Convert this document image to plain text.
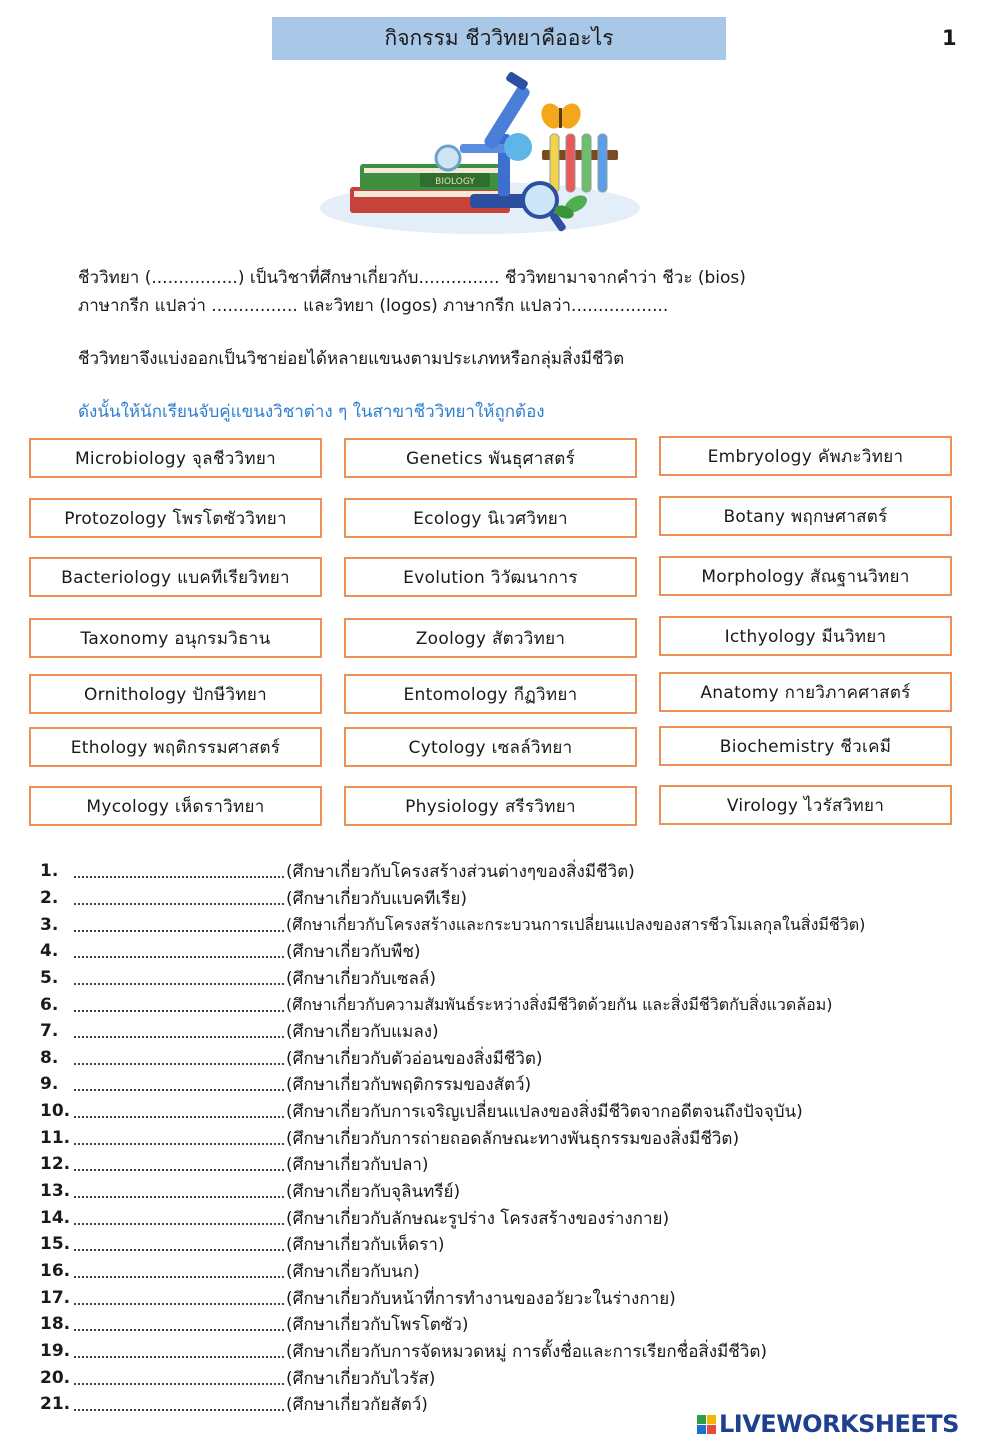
กิจกรรม ชีววิทยาคืออะไร	1
BIOLOGY
ชีววิทยา (................) เป็นวิชาที่ศึกษาเกี่ยวกับ............... ชีววิทยามาจากคำว่า ชีวะ (bios)
ภาษากรีก แปลว่า ................ และวิทยา (logos) ภาษากรีก แปลว่า..................
ชีววิทยาจึงแบ่งออกเป็นวิชาย่อยได้หลายแขนงตามประเภทหรือกลุ่มสิ่งมีชีวิต
ดังนั้นให้นักเรียนจับคู่แขนงวิชาต่าง ๆ ในสาขาชีววิทยาให้ถูกต้อง
Microbiology จุลชีววิทยา	Genetics พันธุศาสตร์	Embryology คัพภะวิทยา
Protozology โพรโตซัววิทยา	Ecology นิเวศวิทยา	Botany พฤกษศาสตร์
Bacteriology แบคทีเรียวิทยา	Evolution วิวัฒนาการ	Morphology สัณฐานวิทยา
Taxonomy อนุกรมวิธาน	Zoology สัตววิทยา	Icthyology มีนวิทยา
Ornithology ปักษีวิทยา	Entomology กีฏวิทยา	Anatomy กายวิภาคศาสตร์
Ethology พฤติกรรมศาสตร์	Cytology เซลล์วิทยา	Biochemistry ชีวเคมี
Mycology เห็ดราวิทยา	Physiology สรีรวิทยา	Virology ไวรัสวิทยา
1.	(ศึกษาเกี่ยวกับโครงสร้างส่วนต่างๆของสิ่งมีชีวิต)
2.	(ศึกษาเกี่ยวกับแบคทีเรีย)
3.	(ศึกษาเกี่ยวกับโครงสร้างและกระบวนการเปลี่ยนแปลงของสารชีวโมเลกุลในสิ่งมีชีวิต)
4.	(ศึกษาเกี่ยวกับพืช)
5.	(ศึกษาเกี่ยวกับเซลล์)
6.	(ศึกษาเกี่ยวกับความสัมพันธ์ระหว่างสิ่งมีชีวิตด้วยกัน และสิ่งมีชีวิตกับสิ่งแวดล้อม)
7.	(ศึกษาเกี่ยวกับแมลง)
8.	(ศึกษาเกี่ยวกับตัวอ่อนของสิ่งมีชีวิต)
9.	(ศึกษาเกี่ยวกับพฤติกรรมของสัตว์)
10.	(ศึกษาเกี่ยวกับการเจริญเปลี่ยนแปลงของสิ่งมีชีวิตจากอดีตจนถึงปัจจุบัน)
11.	(ศึกษาเกี่ยวกับการถ่ายถอดลักษณะทางพันธุกรรมของสิ่งมีชีวิต)
12.	(ศึกษาเกี่ยวกับปลา)
13.	(ศึกษาเกี่ยวกับจุลินทรีย์)
14.	(ศึกษาเกี่ยวกับลักษณะรูปร่าง โครงสร้างของร่างกาย)
15.	(ศึกษาเกี่ยวกับเห็ดรา)
16.	(ศึกษาเกี่ยวกับนก)
17.	(ศึกษาเกี่ยวกับหน้าที่การทำงานของอวัยวะในร่างกาย)
18.	(ศึกษาเกี่ยวกับโพรโตซัว)
19.	(ศึกษาเกี่ยวกับการจัดหมวดหมู่ การตั้งชื่อและการเรียกชื่อสิ่งมีชีวิต)
20.	(ศึกษาเกี่ยวกับไวรัส)
21.	(ศึกษาเกี่ยวกัยสัตว์)
LIVEWORKSHEETS
